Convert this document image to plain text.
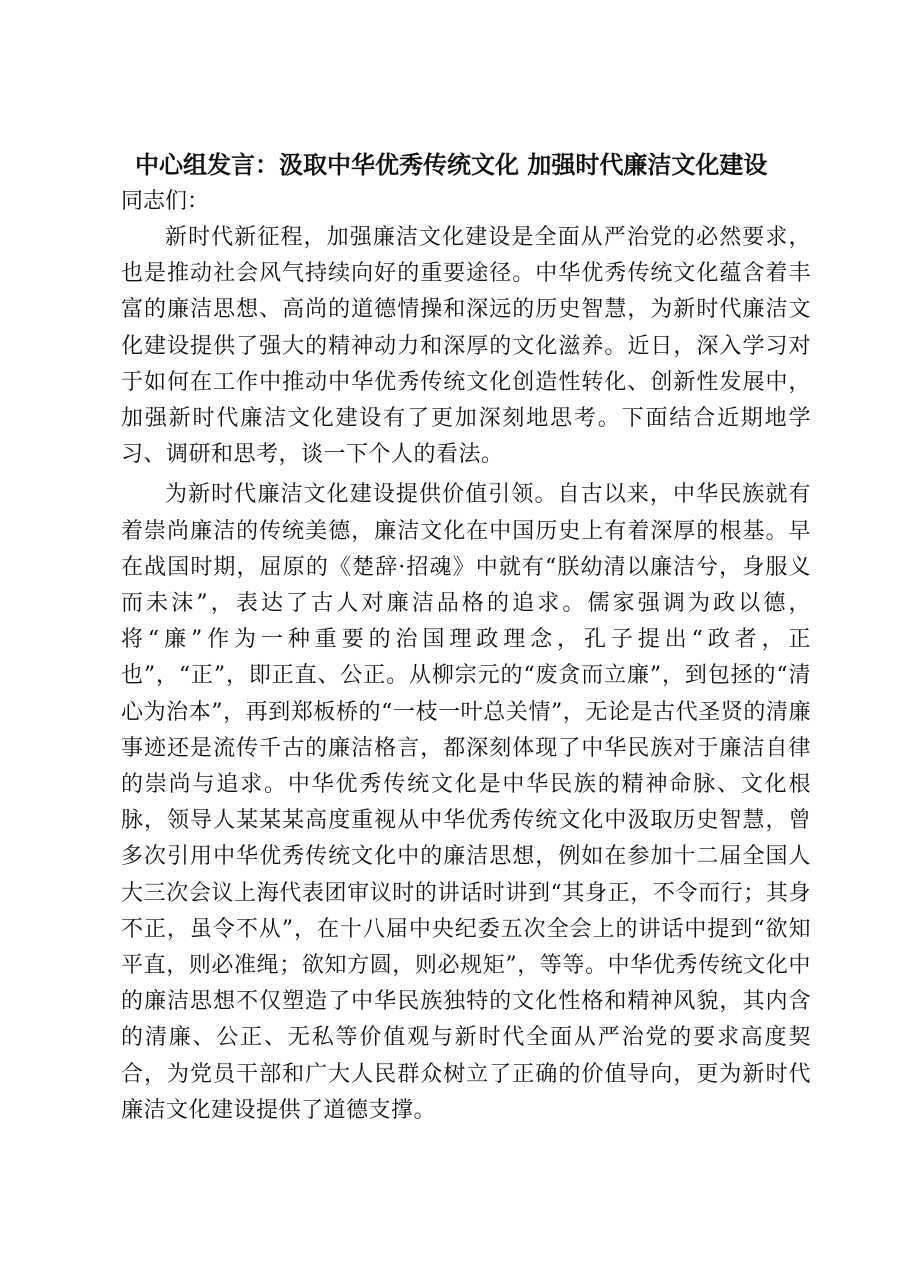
中心组发言：汲取中华优秀传统文化 加强时代廉洁文化建设

同志们：

新时代新征程，加强廉洁文化建设是全面从严治党的必然要求，也是推动社会风气持续向好的重要途径。中华优秀传统文化蕴含着丰富的廉洁思想、高尚的道德情操和深远的历史智慧，为新时代廉洁文化建设提供了强大的精神动力和深厚的文化滋养。近日，深入学习对于如何在工作中推动中华优秀传统文化创造性转化、创新性发展中，加强新时代廉洁文化建设有了更加深刻地思考。下面结合近期地学习、调研和思考，谈一下个人的看法。

为新时代廉洁文化建设提供价值引领。自古以来，中华民族就有着崇尚廉洁的传统美德，廉洁文化在中国历史上有着深厚的根基。早在战国时期，屈原的《楚辞·招魂》中就有“朕幼清以廉洁兮，身服义而未沫”，表达了古人对廉洁品格的追求。儒家强调为政以德，将“廉”作为一种重要的治国理政理念，孔子提出“政者，正也”，“正”，即正直、公正。从柳宗元的“废贪而立廉”，到包拯的“清心为治本”，再到郑板桥的“一枝一叶总关情”，无论是古代圣贤的清廉事迹还是流传千古的廉洁格言，都深刻体现了中华民族对于廉洁自律的崇尚与追求。中华优秀传统文化是中华民族的精神命脉、文化根脉，领导人某某某高度重视从中华优秀传统文化中汲取历史智慧，曾多次引用中华优秀传统文化中的廉洁思想，例如在参加十二届全国人大三次会议上海代表团审议时的讲话时讲到“其身正，不令而行；其身不正，虽令不从”，在十八届中央纪委五次全会上的讲话中提到“欲知平直，则必准绳；欲知方圆，则必规矩”，等等。中华优秀传统文化中的廉洁思想不仅塑造了中华民族独特的文化性格和精神风貌，其内含的清廉、公正、无私等价值观与新时代全面从严治党的要求高度契合，为党员干部和广大人民群众树立了正确的价值导向，更为新时代廉洁文化建设提供了道德支撑。
